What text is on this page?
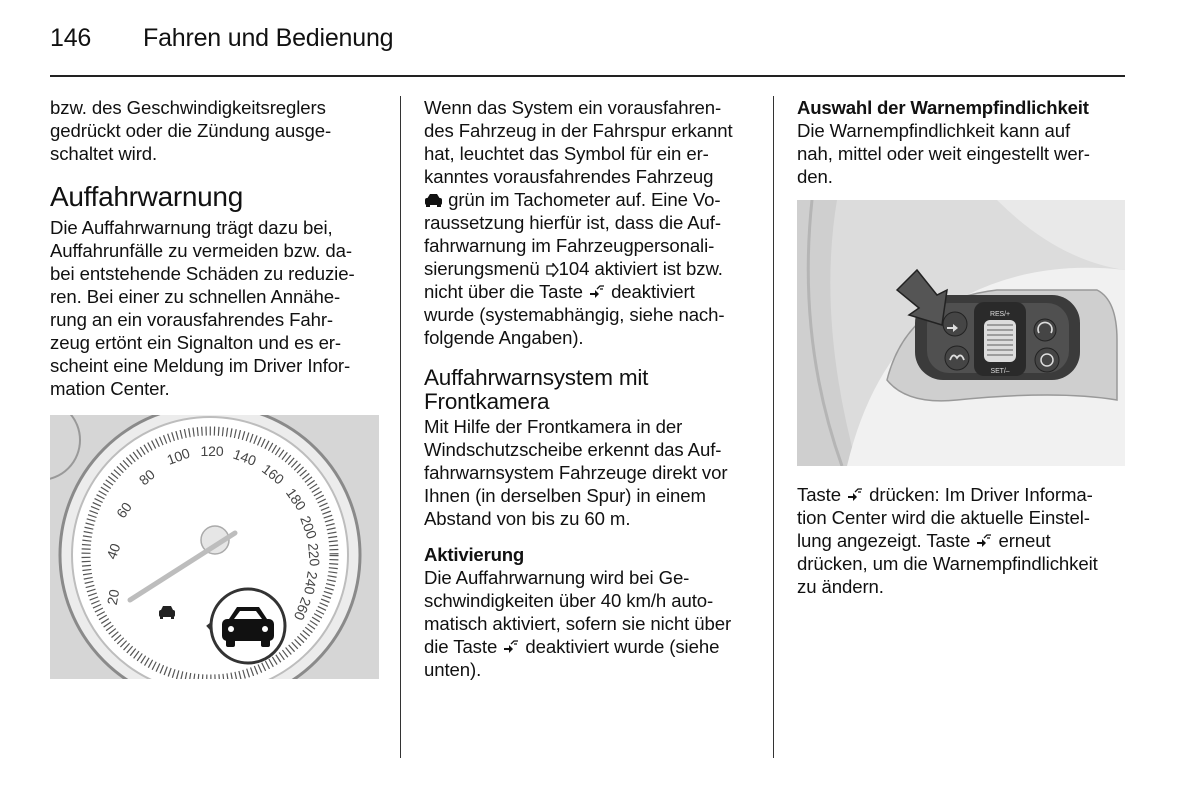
146 Fahren und Bedienung

bzw. des Geschwindigkeitsreglers
gedrückt oder die Zündung ausge-
schaltet wird.

Auffahrwarnung

Die Auffahrwarnung trägt dazu bei,
Auffahrunfälle zu vermeiden bzw. da-
bei entstehende Schäden zu reduzie-
ren. Bei einer zu schnellen Annähe-
rung an ein vorausfahrendes Fahr-
zeug ertönt ein Signalton und es er-
scheint eine Meldung im Driver Infor-
mation Center.

20
40
60
80
100 120 140
160
180
200
220
240
260

Wenn das System ein vorausfahren-
des Fahrzeug in der Fahrspur erkannt
hat, leuchtet das Symbol für ein er-
kanntes vorausfahrendes Fahrzeug
grün im Tachometer auf. Eine Vo-
raussetzung hierfür ist, dass die Auf-
fahrwarnung im Fahrzeugpersonali-
sierungsmenü 104 aktiviert ist bzw.
nicht über die Taste deaktiviert
wurde (systemabhängig, siehe nach-
folgende Angaben).

Auffahrwarnsystem mit
Frontkamera

Mit Hilfe der Frontkamera in der
Windschutzscheibe erkennt das Auf-
fahrwarnsystem Fahrzeuge direkt vor
Ihnen (in derselben Spur) in einem
Abstand von bis zu 60 m.

Aktivierung

Die Auffahrwarnung wird bei Ge-
schwindigkeiten über 40 km/h auto-
matisch aktiviert, sofern sie nicht über
die Taste deaktiviert wurde (siehe
unten).

Auswahl der Warnempfindlichkeit

Die Warnempfindlichkeit kann auf
nah, mittel oder weit eingestellt wer-
den.

RES/+
SET/–

Taste drücken: Im Driver Informa-
tion Center wird die aktuelle Einstel-
lung angezeigt. Taste erneut
drücken, um die Warnempfindlichkeit
zu ändern.
